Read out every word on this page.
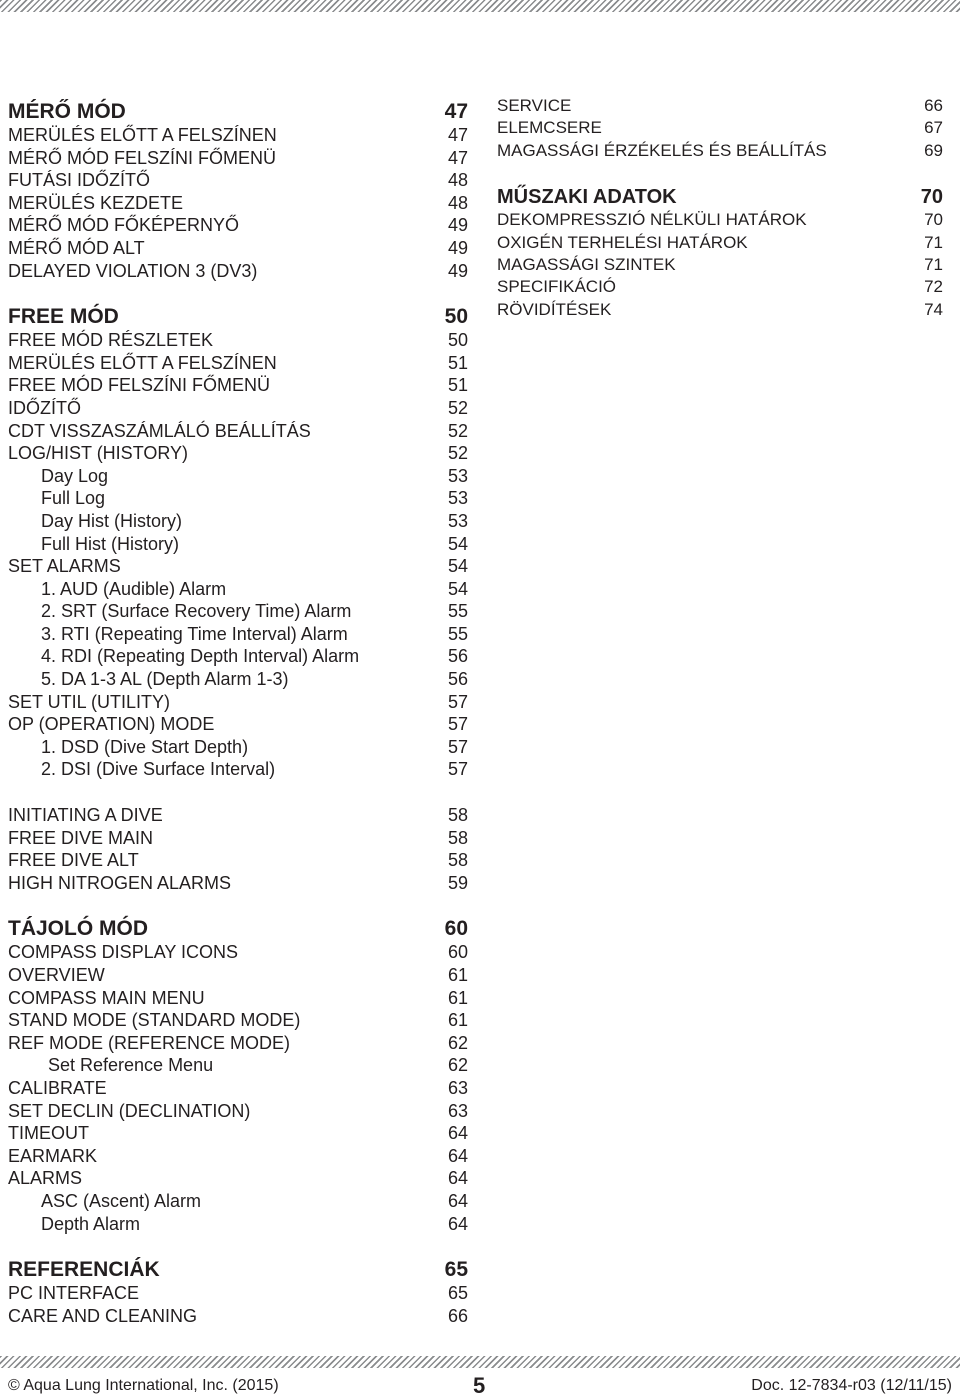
MÉRŐ MÓD	47
MERÜLÉS ELŐTT A FELSZÍNEN	47
MÉRŐ MÓD FELSZÍNI FŐMENÜ	47
FUTÁSI IDŐZÍTŐ	48
MERÜLÉS KEZDETE	48
MÉRŐ MÓD FŐKÉPERNYŐ	49
MÉRŐ MÓD ALT	49
DELAYED VIOLATION 3 (DV3)	49
FREE MÓD	50
FREE MÓD RÉSZLETEK	50
MERÜLÉS ELŐTT A FELSZÍNEN	51
FREE MÓD FELSZÍNI FŐMENÜ	51
IDŐZÍTŐ	52
CDT VISSZASZÁMLÁLÓ BEÁLLÍTÁS	52
LOG/HIST (HISTORY)	52
Day Log	53
Full Log	53
Day Hist (History)	53
Full Hist (History)	54
SET ALARMS	54
1. AUD (Audible) Alarm	54
2. SRT (Surface Recovery Time) Alarm	55
3. RTI (Repeating Time Interval) Alarm	55
4. RDI (Repeating Depth Interval) Alarm	56
5. DA 1-3 AL (Depth Alarm 1-3)	56
SET UTIL (UTILITY)	57
OP (OPERATION) MODE	57
1. DSD (Dive Start Depth)	57
2. DSI (Dive Surface Interval)	57
INITIATING A DIVE	58
FREE DIVE MAIN	58
FREE DIVE ALT	58
HIGH NITROGEN ALARMS	59
TÁJOLÓ MÓD	60
COMPASS DISPLAY ICONS	60
OVERVIEW	61
COMPASS MAIN MENU	61
STAND MODE (STANDARD MODE)	61
REF MODE (REFERENCE MODE)	62
Set Reference Menu	62
CALIBRATE	63
SET DECLIN (DECLINATION)	63
TIMEOUT	64
EARMARK	64
ALARMS	64
ASC (Ascent) Alarm	64
Depth Alarm	64
REFERENCIÁK	65
PC INTERFACE	65
CARE AND CLEANING	66
SERVICE	66
ELEMCSERE	67
MAGASSÁGI ÉRZÉKELÉS ÉS BEÁLLÍTÁS	69
MŰSZAKI ADATOK	70
DEKOMPRESSZIÓ NÉLKÜLI HATÁROK	70
OXIGÉN TERHELÉSI HATÁROK	71
MAGASSÁGI SZINTEK	71
SPECIFIKÁCIÓ	72
RÖVIDÍTÉSEK	74
© Aqua Lung International, Inc. (2015)	5	Doc. 12-7834-r03 (12/11/15)
